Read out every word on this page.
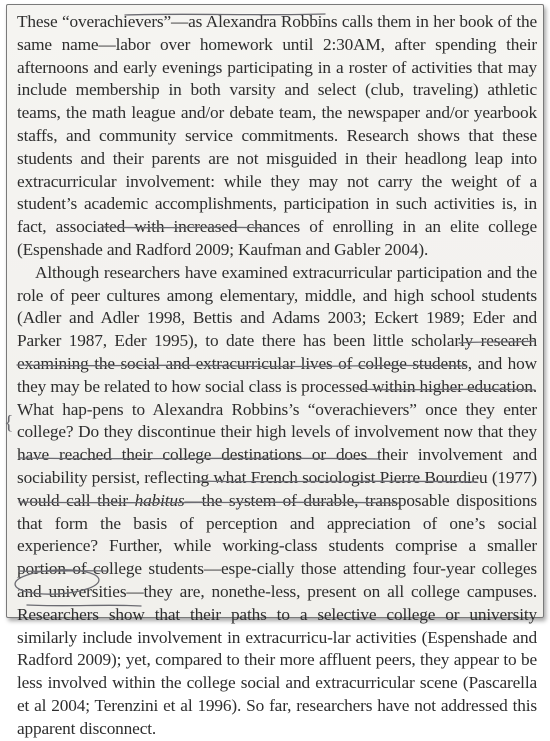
These “overachievers”—as Alexandra Robbins calls them in her book of the same name—labor over homework until 2:30AM, after spending their afternoons and early evenings participating in a roster of activities that may include membership in both varsity and select (club, traveling) athletic teams, the math league and/or debate team, the newspaper and/or yearbook staffs, and community service commitments. Research shows that these students and their parents are not misguided in their headlong leap into extracurricular involvement: while they may not carry the weight of a student’s academic accomplishments, participation in such activities is, in fact, associated with increased chances of enrolling in an elite college (Espenshade and Radford 2009; Kaufman and Gabler 2004).

Although researchers have examined extracurricular participation and the role of peer cultures among elementary, middle, and high school students (Adler and Adler 1998, Bettis and Adams 2003; Eckert 1989; Eder and Parker 1987, Eder 1995), to date there has been little scholarly research examining the social and extracurricular lives of college students, and how they may be related to how social class is processed within higher education. What hap-pens to Alexandra Robbins’s “overachievers” once they enter college? Do they discontinue their high levels of involvement now that they have reached their college destinations or does their involvement and sociability persist, reflecting what French sociologist Pierre Bourdieu (1977) would call their habitus—the system of durable, transposable dispositions that form the basis of perception and appreciation of one’s social experience? Further, while working-class students comprise a smaller portion of college students—espe-cially those attending four-year colleges and universities—they are, nonethe-less, present on all college campuses. Researchers show that their paths to a selective college or university similarly include involvement in extracurricu-lar activities (Espenshade and Radford 2009); yet, compared to their more affluent peers, they appear to be less involved within the college social and extracurricular scene (Pascarella et al 2004; Terenzini et al 1996). So far, researchers have not addressed this apparent disconnect.

{
